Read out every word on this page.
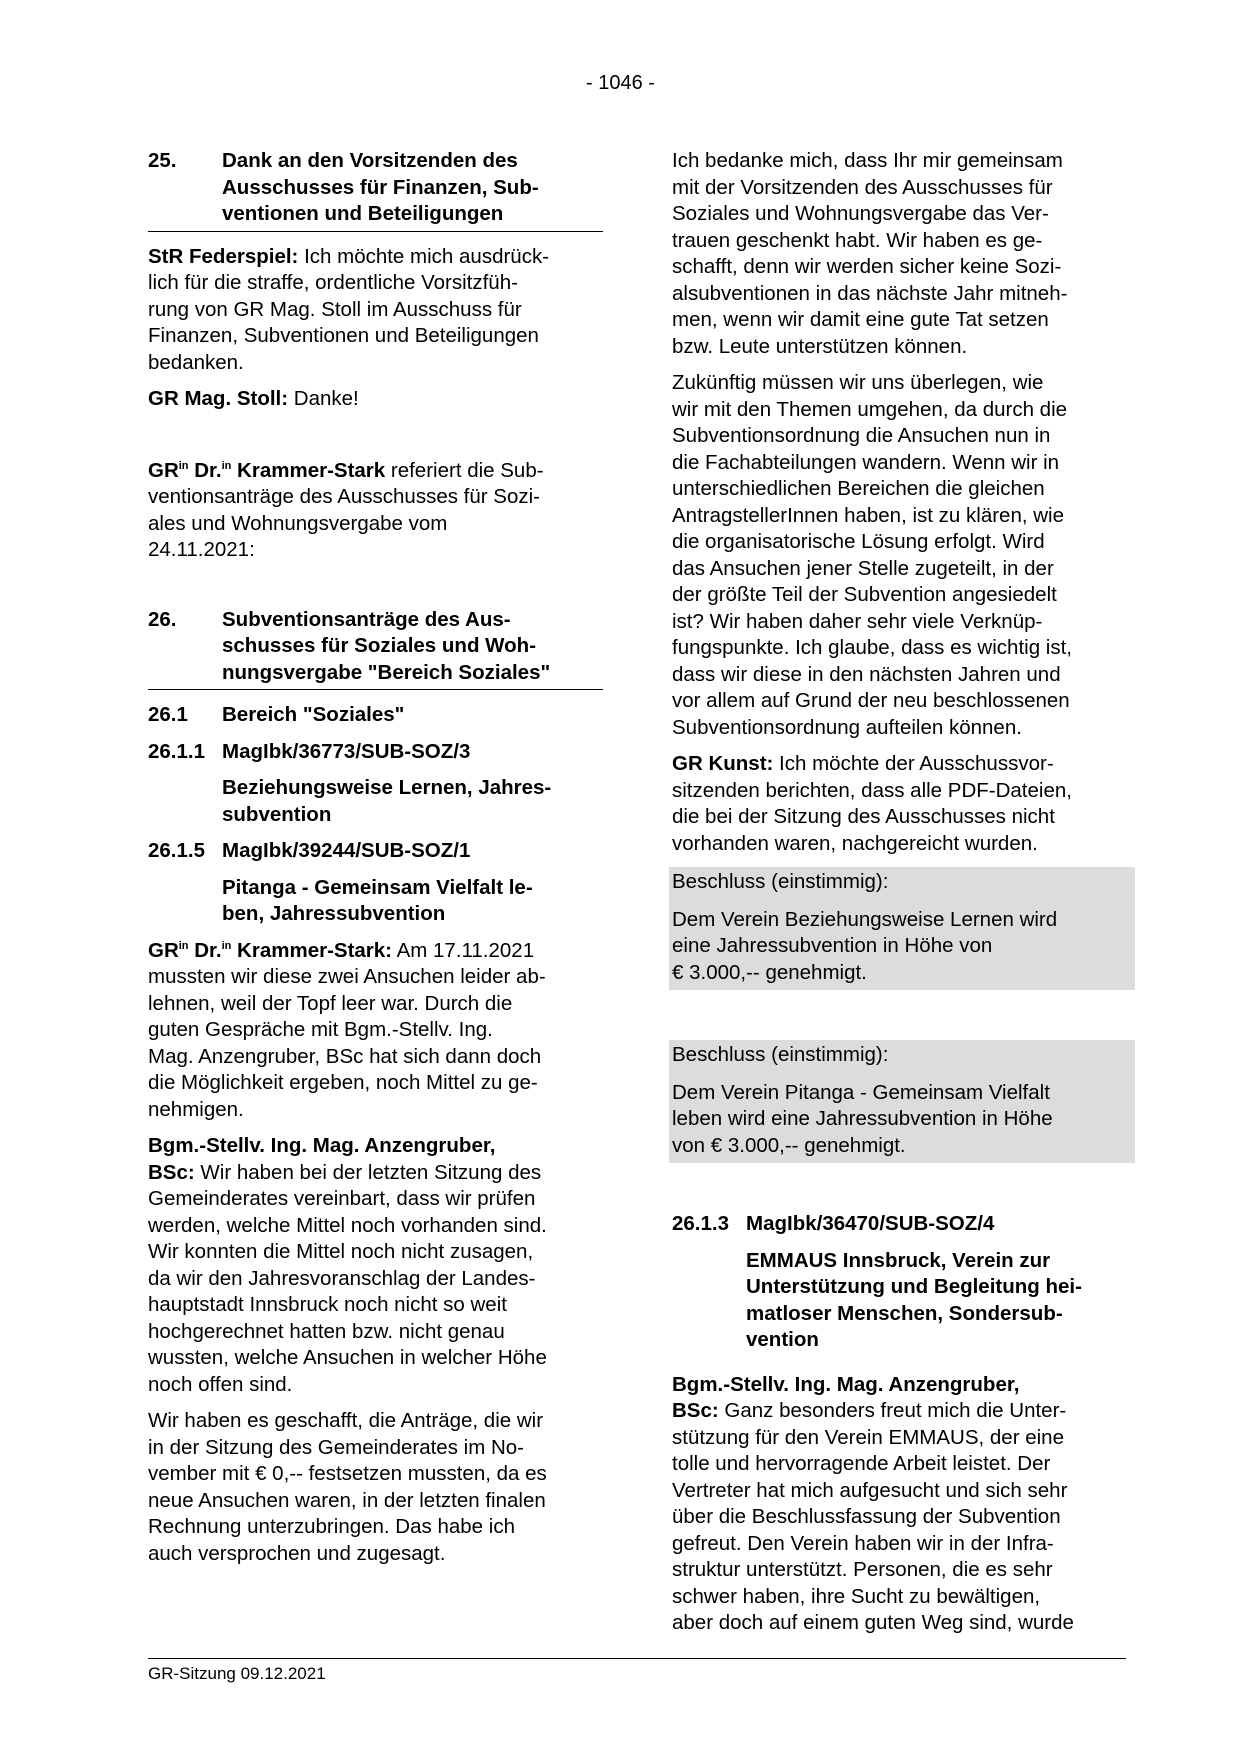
- 1046 -
25.	Dank an den Vorsitzenden des
Ausschusses für Finanzen, Sub-
ventionen und Beteiligungen

StR Federspiel: Ich möchte mich ausdrück-
lich für die straffe, ordentliche Vorsitzfüh-
rung von GR Mag. Stoll im Ausschuss für
Finanzen, Subventionen und Beteiligungen
bedanken.

GR Mag. Stoll: Danke!

$GR^{in}$ Dr.$^{in}$ Krammer-Stark referiert die Sub-
ventionsanträge des Ausschusses für Sozi-
ales und Wohnungsvergabe vom
24.11.2021:

26.	Subventionsanträge des Aus-
schusses für Soziales und Woh-
nungsvergabe "Bereich Soziales"
26.1	Bereich "Soziales"
26.1.1 MagIbk/36773/SUB-SOZ/3
Beziehungsweise Lernen, Jahres-
subvention
26.1.5 MagIbk/39244/SUB-SOZ/1
Pitanga - Gemeinsam Vielfalt le-
ben, Jahressubvention

$GR^{in}$ Dr.$^{in}$ Krammer-Stark: Am 17.11.2021
mussten wir diese zwei Ansuchen leider ab-
lehnen, weil der Topf leer war. Durch die
guten Gespräche mit Bgm.-Stellv. Ing.
Mag. Anzengruber, BSc hat sich dann doch
die Möglichkeit ergeben, noch Mittel zu ge-
nehmigen.

Bgm.-Stellv. Ing. Mag. Anzengruber,
BSc: Wir haben bei der letzten Sitzung des
Gemeinderates vereinbart, dass wir prüfen
werden, welche Mittel noch vorhanden sind.
Wir konnten die Mittel noch nicht zusagen,
da wir den Jahresvoranschlag der Landes-
hauptstadt Innsbruck noch nicht so weit
hochgerechnet hatten bzw. nicht genau
wussten, welche Ansuchen in welcher Höhe
noch offen sind.

Wir haben es geschafft, die Anträge, die wir
in der Sitzung des Gemeinderates im No-
vember mit € 0,-- festsetzen mussten, da es
neue Ansuchen waren, in der letzten finalen
Rechnung unterzubringen. Das habe ich
auch versprochen und zugesagt.

Ich bedanke mich, dass Ihr mir gemeinsam
mit der Vorsitzenden des Ausschusses für
Soziales und Wohnungsvergabe das Ver-
trauen geschenkt habt. Wir haben es ge-
schafft, denn wir werden sicher keine Sozi-
alsubventionen in das nächste Jahr mitneh-
men, wenn wir damit eine gute Tat setzen
bzw. Leute unterstützen können.

Zukünftig müssen wir uns überlegen, wie
wir mit den Themen umgehen, da durch die
Subventionsordnung die Ansuchen nun in
die Fachabteilungen wandern. Wenn wir in
unterschiedlichen Bereichen die gleichen
AntragstellerInnen haben, ist zu klären, wie
die organisatorische Lösung erfolgt. Wird
das Ansuchen jener Stelle zugeteilt, in der
der größte Teil der Subvention angesiedelt
ist? Wir haben daher sehr viele Verknüp-
fungspunkte. Ich glaube, dass es wichtig ist,
dass wir diese in den nächsten Jahren und
vor allem auf Grund der neu beschlossenen
Subventionsordnung aufteilen können.

GR Kunst: Ich möchte der Ausschussvor-
sitzenden berichten, dass alle PDF-Dateien,
die bei der Sitzung des Ausschusses nicht
vorhanden waren, nachgereicht wurden.

Beschluss (einstimmig):

Dem Verein Beziehungsweise Lernen wird
eine Jahressubvention in Höhe von
€ 3.000,-- genehmigt.

Beschluss (einstimmig):

Dem Verein Pitanga - Gemeinsam Vielfalt
leben wird eine Jahressubvention in Höhe
von € 3.000,-- genehmigt.

26.1.3 MagIbk/36470/SUB-SOZ/4
EMMAUS Innsbruck, Verein zur
Unterstützung und Begleitung hei-
matloser Menschen, Sondersub-
vention

Bgm.-Stellv. Ing. Mag. Anzengruber,
BSc: Ganz besonders freut mich die Unter-
stützung für den Verein EMMAUS, der eine
tolle und hervorragende Arbeit leistet. Der
Vertreter hat mich aufgesucht und sich sehr
über die Beschlussfassung der Subvention
gefreut. Den Verein haben wir in der Infra-
struktur unterstützt. Personen, die es sehr
schwer haben, ihre Sucht zu bewältigen,
aber doch auf einem guten Weg sind, wurde

GR-Sitzung 09.12.2021
